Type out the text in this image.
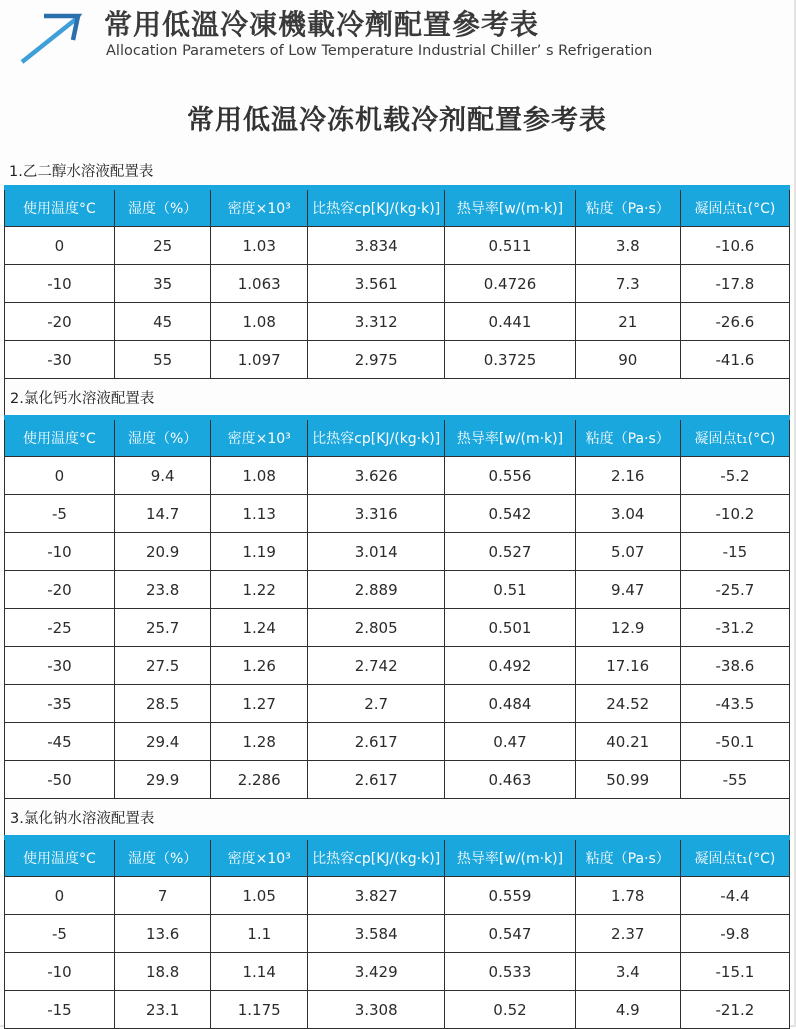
常用低溫冷凍機載冷劑配置參考表

Allocation Parameters of Low Temperature Industrial Chiller’ s Refrigeration

常用低温冷冻机载冷剂配置参考表
1.乙二醇水溶液配置表
使用温度°C	湿度（%）	密度×10³	比热容cp[KJ/(kg·k)]	热导率[w/(m·k)]	粘度（Pa·s）	凝固点t₁(°C)
0	25	1.03	3.834	0.511	3.8	-10.6
-10	35	1.063	3.561	0.4726	7.3	-17.8
-20	45	1.08	3.312	0.441	21	-26.6
-30	55	1.097	2.975	0.3725	90	-41.6
2.氯化钙水溶液配置表
使用温度°C	湿度（%）	密度×10³	比热容cp[KJ/(kg·k)]	热导率[w/(m·k)]	粘度（Pa·s）	凝固点t₁(°C)
0	9.4	1.08	3.626	0.556	2.16	-5.2
-5	14.7	1.13	3.316	0.542	3.04	-10.2
-10	20.9	1.19	3.014	0.527	5.07	-15
-20	23.8	1.22	2.889	0.51	9.47	-25.7
-25	25.7	1.24	2.805	0.501	12.9	-31.2
-30	27.5	1.26	2.742	0.492	17.16	-38.6
-35	28.5	1.27	2.7	0.484	24.52	-43.5
-45	29.4	1.28	2.617	0.47	40.21	-50.1
-50	29.9	2.286	2.617	0.463	50.99	-55
3.氯化钠水溶液配置表
使用温度°C	湿度（%）	密度×10³	比热容cp[KJ/(kg·k)]	热导率[w/(m·k)]	粘度（Pa·s）	凝固点t₁(°C)
0	7	1.05	3.827	0.559	1.78	-4.4
-5	13.6	1.1	3.584	0.547	2.37	-9.8
-10	18.8	1.14	3.429	0.533	3.4	-15.1
-15	23.1	1.175	3.308	0.52	4.9	-21.2
